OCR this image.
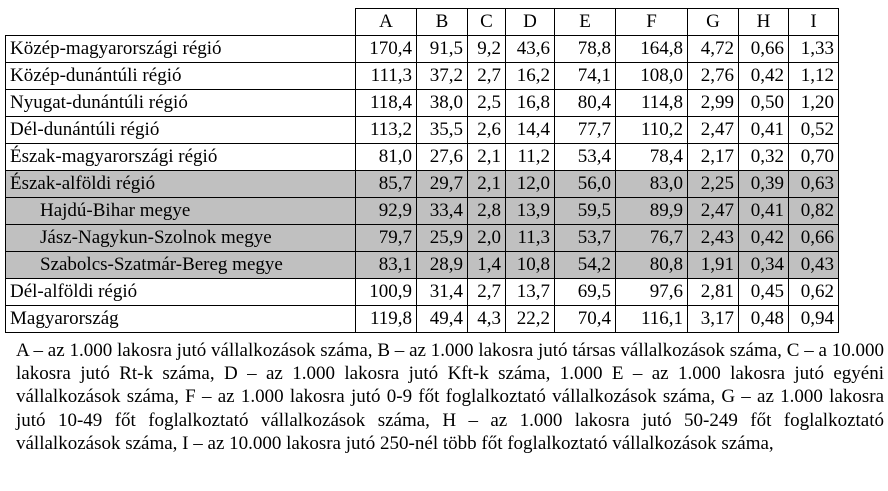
	A	B	C	D	E	F	G	H	I
Közép-magyarországi régió	170,4	91,5	9,2	43,6	78,8	164,8	4,72	0,66	1,33
Közép-dunántúli régió	111,3	37,2	2,7	16,2	74,1	108,0	2,76	0,42	1,12
Nyugat-dunántúli régió	118,4	38,0	2,5	16,8	80,4	114,8	2,99	0,50	1,20
Dél-dunántúli régió	113,2	35,5	2,6	14,4	77,7	110,2	2,47	0,41	0,52
Észak-magyarországi régió	81,0	27,6	2,1	11,2	53,4	78,4	2,17	0,32	0,70
Észak-alföldi régió	85,7	29,7	2,1	12,0	56,0	83,0	2,25	0,39	0,63
Hajdú-Bihar megye	92,9	33,4	2,8	13,9	59,5	89,9	2,47	0,41	0,82
Jász-Nagykun-Szolnok megye	79,7	25,9	2,0	11,3	53,7	76,7	2,43	0,42	0,66
Szabolcs-Szatmár-Bereg megye	83,1	28,9	1,4	10,8	54,2	80,8	1,91	0,34	0,43
Dél-alföldi régió	100,9	31,4	2,7	13,7	69,5	97,6	2,81	0,45	0,62
Magyarország	119,8	49,4	4,3	22,2	70,4	116,1	3,17	0,48	0,94
A – az 1.000 lakosra jutó vállalkozások száma, B – az 1.000 lakosra jutó társas vállalkozások száma, C – a 10.000 lakosra jutó Rt-k száma, D – az 1.000 lakosra jutó Kft-k száma, 1.000 E – az 1.000 lakosra jutó egyéni vállalkozások száma, F – az 1.000 lakosra jutó 0-9 főt foglalkoztató vállalkozások száma, G – az 1.000 lakosra jutó 10-49 főt foglalkoztató vállalkozások száma, H – az 1.000 lakosra jutó 50-249 főt foglalkoztató vállalkozások száma, I – az 10.000 lakosra jutó 250-nél több főt foglalkoztató vállalkozások száma,
